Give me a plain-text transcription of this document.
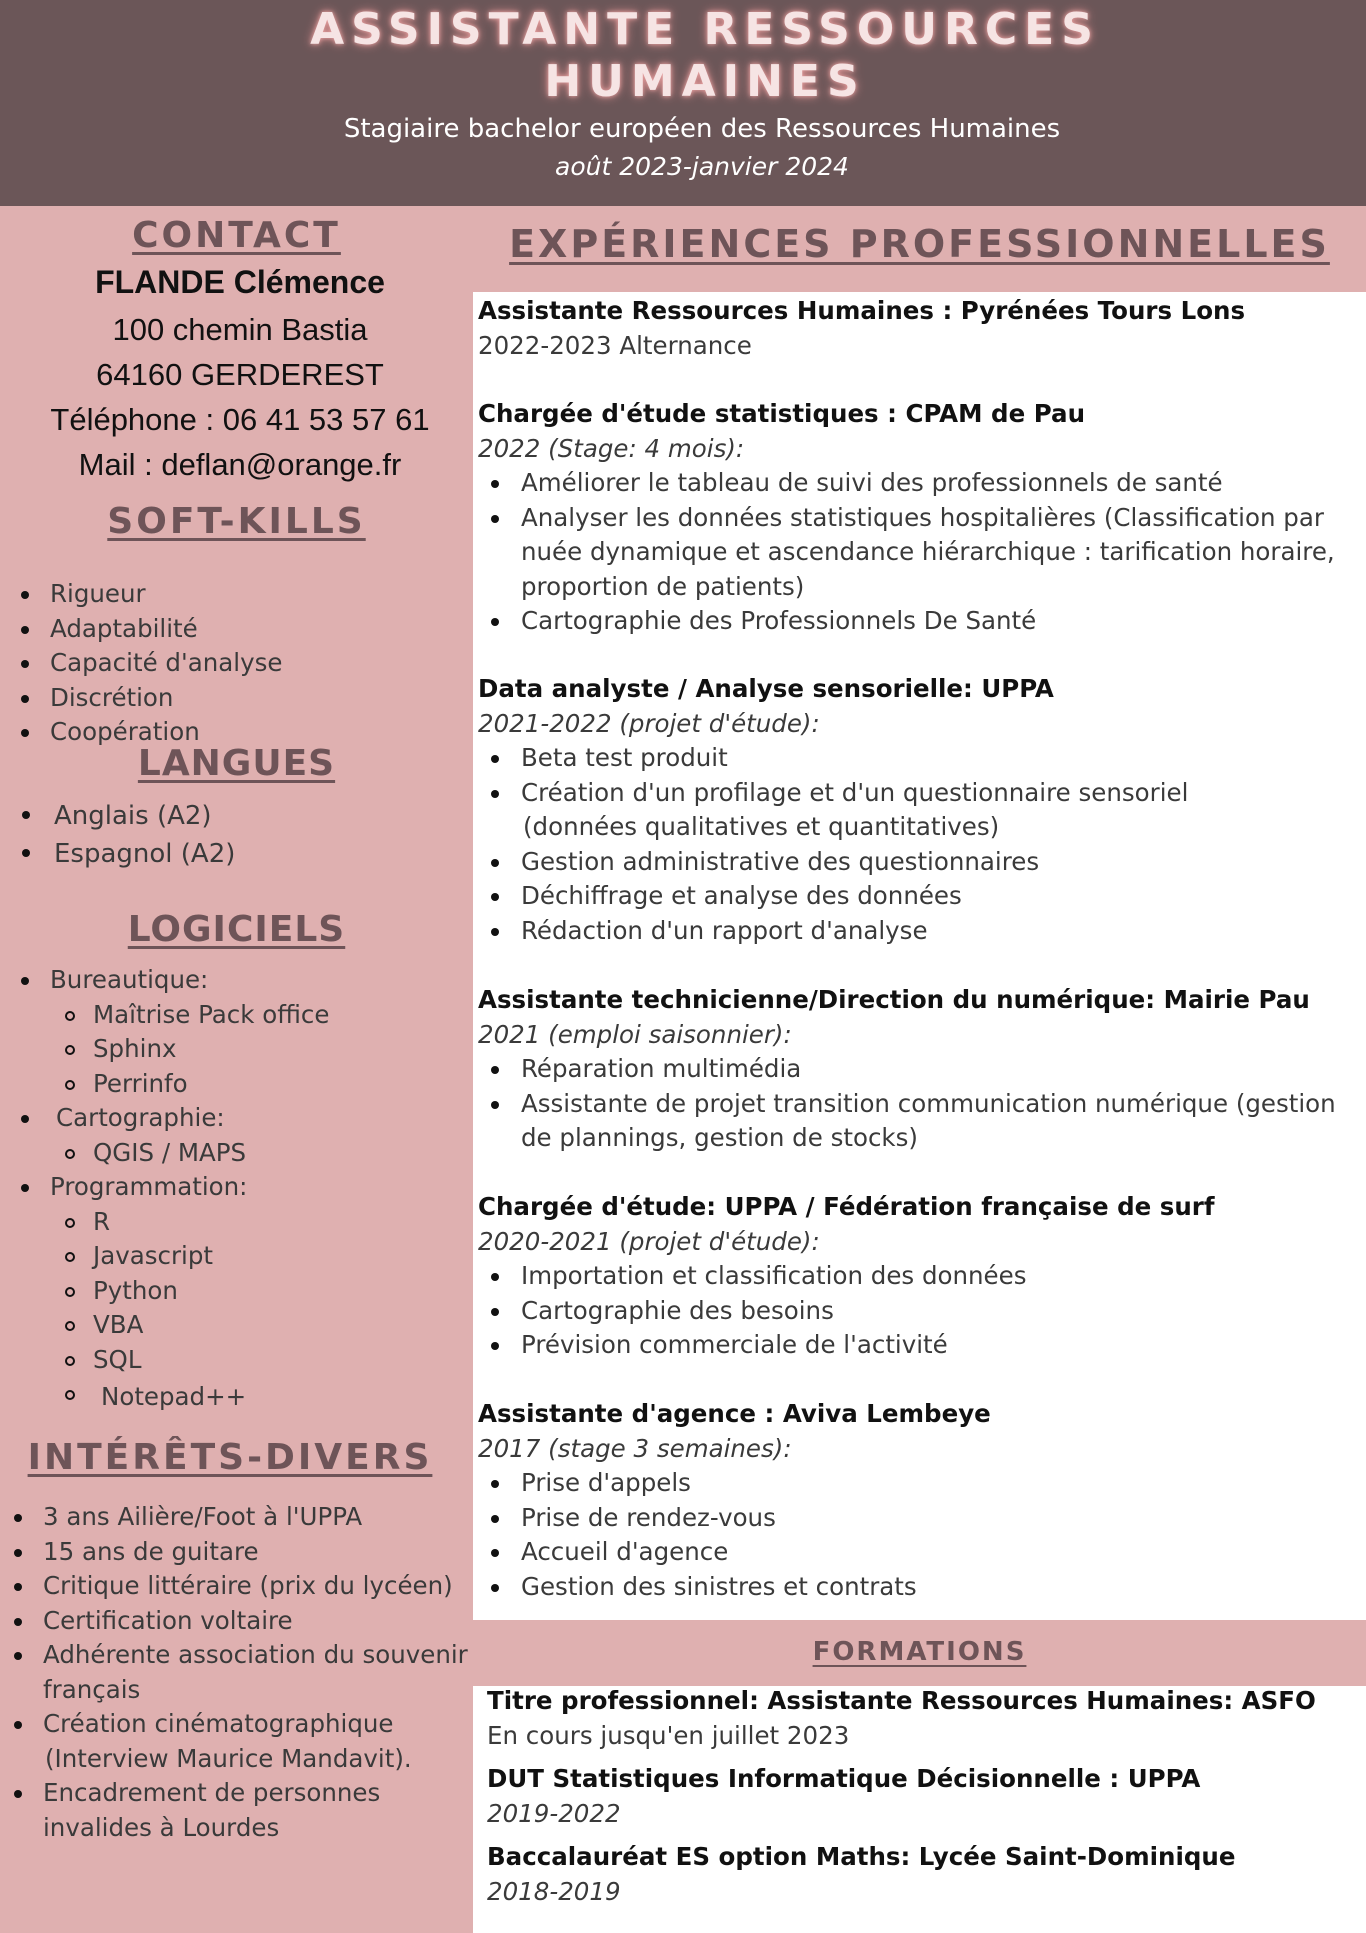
ASSISTANTE RESSOURCES
HUMAINES
Stagiaire bachelor européen des Ressources Humaines
août 2023-janvier 2024
CONTACT
FLANDE Clémence
100 chemin Bastia
64160 GERDEREST
Téléphone : 06 41 53 57 61
Mail : deflan@orange.fr
SOFT-KILLS
Rigueur
Adaptabilité
Capacité d'analyse
Discrétion
Coopération
LANGUES
Anglais (A2)
Espagnol (A2)
LOGICIELS
Bureautique:
Maîtrise Pack office
Sphinx
Perrinfo
Cartographie:
QGIS / MAPS
Programmation:
R
Javascript
Python
VBA
SQL
Notepad++
INTÉRÊTS-DIVERS
3 ans Ailière/Foot à l'UPPA
15 ans de guitare
Critique littéraire (prix du lycéen)
Certification voltaire
Adhérente association du souvenir français
Création cinématographique
(Interview Maurice Mandavit).
Encadrement de personnes invalides à Lourdes
EXPÉRIENCES PROFESSIONNELLES
Assistante Ressources Humaines : Pyrénées Tours Lons
2022-2023 Alternance
Chargée d'étude statistiques : CPAM de Pau
2022 (Stage: 4 mois):
Améliorer le tableau de suivi des professionnels de santé
Analyser les données statistiques hospitalières (Classification par nuée dynamique et ascendance hiérarchique : tarification horaire, proportion de patients)
Cartographie des Professionnels De Santé
Data analyste / Analyse sensorielle: UPPA
2021-2022 (projet d'étude):
Beta test produit
Création d'un profilage et d'un questionnaire sensoriel
(données qualitatives et quantitatives)
Gestion administrative des questionnaires
Déchiffrage et analyse des données
Rédaction d'un rapport d'analyse
Assistante technicienne/Direction du numérique: Mairie Pau
2021 (emploi saisonnier):
Réparation multimédia
Assistante de projet transition communication numérique (gestion de plannings, gestion de stocks)
Chargée d'étude: UPPA / Fédération française de surf
2020-2021 (projet d'étude):
Importation et classification des données
Cartographie des besoins
Prévision commerciale de l'activité
Assistante d'agence : Aviva Lembeye
2017 (stage 3 semaines):
Prise d'appels
Prise de rendez-vous
Accueil d'agence
Gestion des sinistres et contrats
FORMATIONS
Titre professionnel: Assistante Ressources Humaines: ASFO
En cours jusqu'en juillet 2023
DUT Statistiques Informatique Décisionnelle : UPPA
2019-2022
Baccalauréat ES option Maths: Lycée Saint-Dominique
2018-2019
